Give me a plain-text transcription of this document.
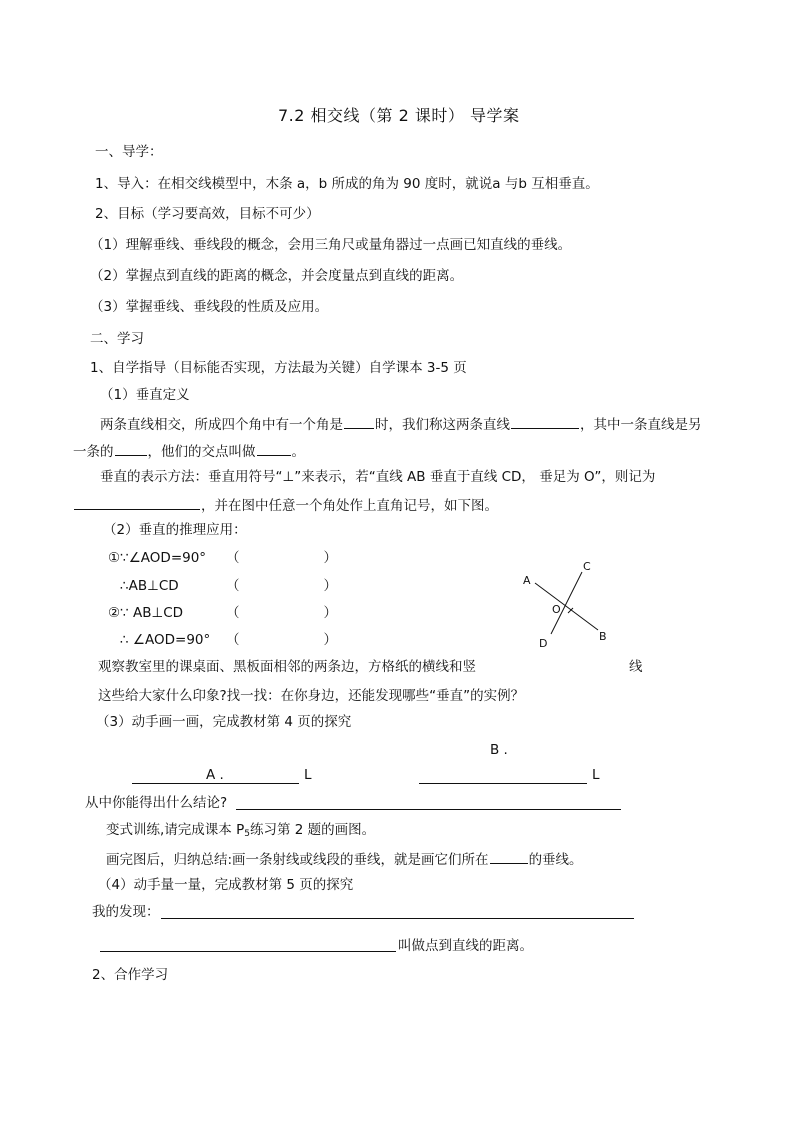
7.2 相交线（第 2 课时） 导学案
一、导学：
1、导入：在相交线模型中，木条 a，b 所成的角为 90 度时，就说a 与b 互相垂直。
2、目标（学习要高效，目标不可少）
（1）理解垂线、垂线段的概念，会用三角尺或量角器过一点画已知直线的垂线。
（2）掌握点到直线的距离的概念，并会度量点到直线的距离。
（3）掌握垂线、垂线段的性质及应用。
二、学习
1、自学指导（目标能否实现，方法最为关键）自学课本 3-5 页
（1）垂直定义
两条直线相交，所成四个角中有一个角是 时，我们称这两条直线	，其中一条直线是另
一条的	，他们的交点叫做	。
垂直的表示方法：垂直用符号“⊥”来表示，若“直线 AB 垂直于直线 CD， 垂足为 O”，则记为
，并在图中任意一个角处作上直角记号，如下图。
（2）垂直的推理应用：
①∵∠AOD=90° （	）
∴AB⊥CD	（	）
②∵ AB⊥CD	（	）
∴ ∠AOD=90° （	）
A
C
O
B
D
观察教室里的课桌面、黑板面相邻的两条边，方格纸的横线和竖	线
这些给大家什么印象?找一找：在你身边，还能发现哪些“垂直”的实例？
（3）动手画一画，完成教材第 4 页的探究
B .
A .	L	L
从中你能得出什么结论?
变式训练,请完成课本 $P_5$练习第 2 题的画图。
画完图后，归纳总结:画一条射线或线段的垂线，就是画它们所在	的垂线。
（4）动手量一量，完成教材第 5 页的探究
我的发现：
叫做点到直线的距离。
2、合作学习
